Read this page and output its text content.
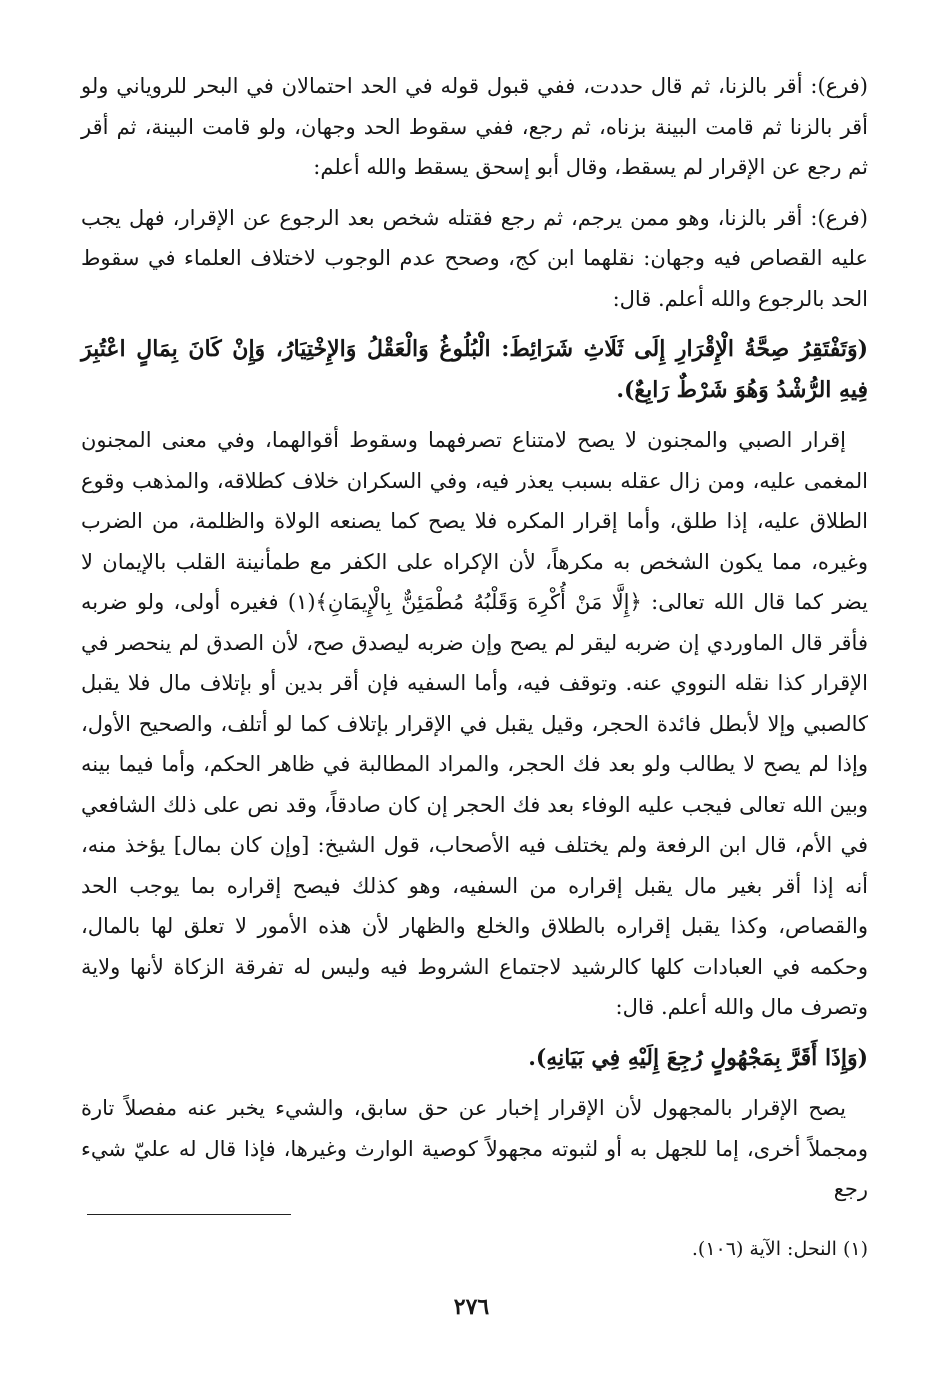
(فرع): أقر بالزنا، ثم قال حددت، ففي قبول قوله في الحد احتمالان في البحر للروياني ولو أقر بالزنا ثم قامت البينة بزناه، ثم رجع، ففي سقوط الحد وجهان، ولو قامت البينة، ثم أقر ثم رجع عن الإقرار لم يسقط، وقال أبو إسحق يسقط والله أعلم:

(فرع): أقر بالزنا، وهو ممن يرجم، ثم رجع فقتله شخص بعد الرجوع عن الإقرار، فهل يجب عليه القصاص فيه وجهان: نقلهما ابن كج، وصحح عدم الوجوب لاختلاف العلماء في سقوط الحد بالرجوع والله أعلم. قال:

(وَتَفْتَقِرُ صِحَّةُ الْإِقْرَارِ إِلَى ثَلَاثِ شَرَائِطَ: الْبُلُوغُ وَالْعَقْلُ وَالإِخْتِيَارُ، وَإِنْ كَانَ بِمَالٍ اعْتُبِرَ فِيهِ الرُّشْدُ وَهُوَ شَرْطٌ رَابِعٌ).

إقرار الصبي والمجنون لا يصح لامتناع تصرفهما وسقوط أقوالهما، وفي معنى المجنون المغمى عليه، ومن زال عقله بسبب يعذر فيه، وفي السكران خلاف كطلاقه، والمذهب وقوع الطلاق عليه، إذا طلق، وأما إقرار المكره فلا يصح كما يصنعه الولاة والظلمة، من الضرب وغيره، مما يكون الشخص به مكرهاً، لأن الإكراه على الكفر مع طمأنينة القلب بالإيمان لا يضر كما قال الله تعالى: ﴿إِلَّا مَنْ أُكْرِهَ وَقَلْبُهُ مُطْمَئِنٌّ بِالْإِيمَانِ﴾(١) فغيره أولى، ولو ضربه فأقر قال الماوردي إن ضربه ليقر لم يصح وإن ضربه ليصدق صح، لأن الصدق لم ينحصر في الإقرار كذا نقله النووي عنه. وتوقف فيه، وأما السفيه فإن أقر بدين أو بإتلاف مال فلا يقبل كالصبي وإلا لأبطل فائدة الحجر، وقيل يقبل في الإقرار بإتلاف كما لو أتلف، والصحيح الأول، وإذا لم يصح لا يطالب ولو بعد فك الحجر، والمراد المطالبة في ظاهر الحكم، وأما فيما بينه وبين الله تعالى فيجب عليه الوفاء بعد فك الحجر إن كان صادقاً، وقد نص على ذلك الشافعي في الأم، قال ابن الرفعة ولم يختلف فيه الأصحاب، قول الشيخ: [وإن كان بمال] يؤخذ منه، أنه إذا أقر بغير مال يقبل إقراره من السفيه، وهو كذلك فيصح إقراره بما يوجب الحد والقصاص، وكذا يقبل إقراره بالطلاق والخلع والظهار لأن هذه الأمور لا تعلق لها بالمال، وحكمه في العبادات كلها كالرشيد لاجتماع الشروط فيه وليس له تفرقة الزكاة لأنها ولاية وتصرف مال والله أعلم. قال:

(وَإِذَا أَقَرَّ بِمَجْهُولٍ رُجِعَ إِلَيْهِ فِي بَيَانِهِ).

يصح الإقرار بالمجهول لأن الإقرار إخبار عن حق سابق، والشيء يخبر عنه مفصلاً تارة ومجملاً أخرى، إما للجهل به أو لثبوته مجهولاً كوصية الوارث وغيرها، فإذا قال له عليّ شيء رجع

(١) النحل: الآية (١٠٦).

٢٧٦
